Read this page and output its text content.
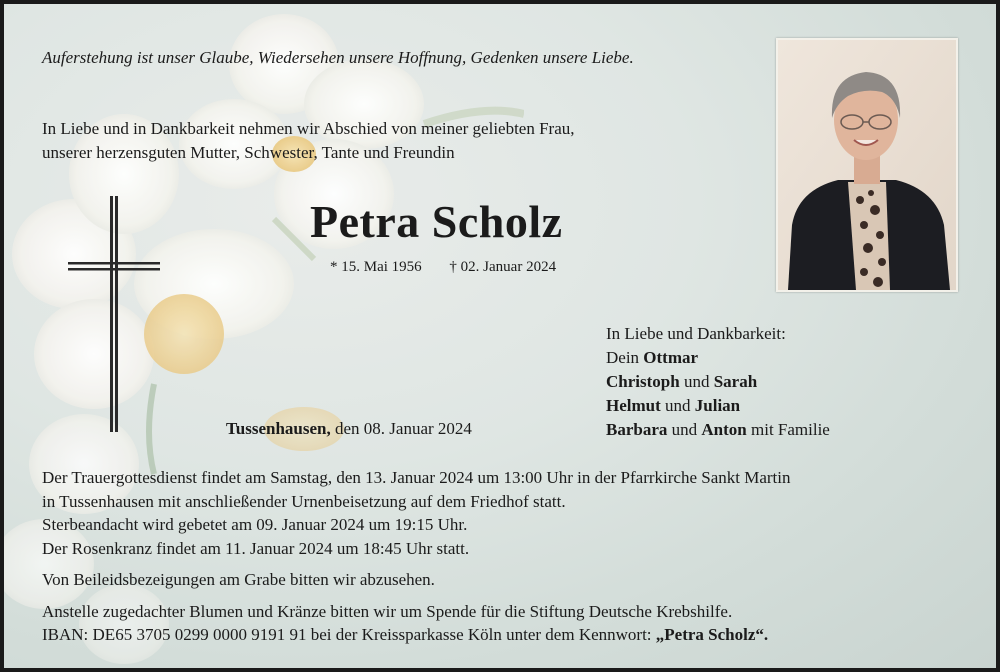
Auferstehung ist unser Glaube, Wiedersehen unsere Hoffnung, Gedenken unsere Liebe.
In Liebe und in Dankbarkeit nehmen wir Abschied von meiner geliebten Frau,
unserer herzensguten Mutter, Schwester, Tante und Freundin
Petra Scholz
* 15. Mai 1956 † 02. Januar 2024
Tussenhausen, den 08. Januar 2024
In Liebe und Dankbarkeit:
Dein Ottmar
Christoph und Sarah
Helmut und Julian
Barbara und Anton mit Familie
Der Trauergottesdienst findet am Samstag, den 13. Januar 2024 um 13:00 Uhr in der Pfarrkirche Sankt Martin
in Tussenhausen mit anschließender Urnenbeisetzung auf dem Friedhof statt.
Sterbeandacht wird gebetet am 09. Januar 2024 um 19:15 Uhr.
Der Rosenkranz findet am 11. Januar 2024 um 18:45 Uhr statt.
Von Beileidsbezeigungen am Grabe bitten wir abzusehen.
Anstelle zugedachter Blumen und Kränze bitten wir um Spende für die Stiftung Deutsche Krebshilfe.
IBAN: DE65 3705 0299 0000 9191 91 bei der Kreissparkasse Köln unter dem Kennwort: „Petra Scholz“.
